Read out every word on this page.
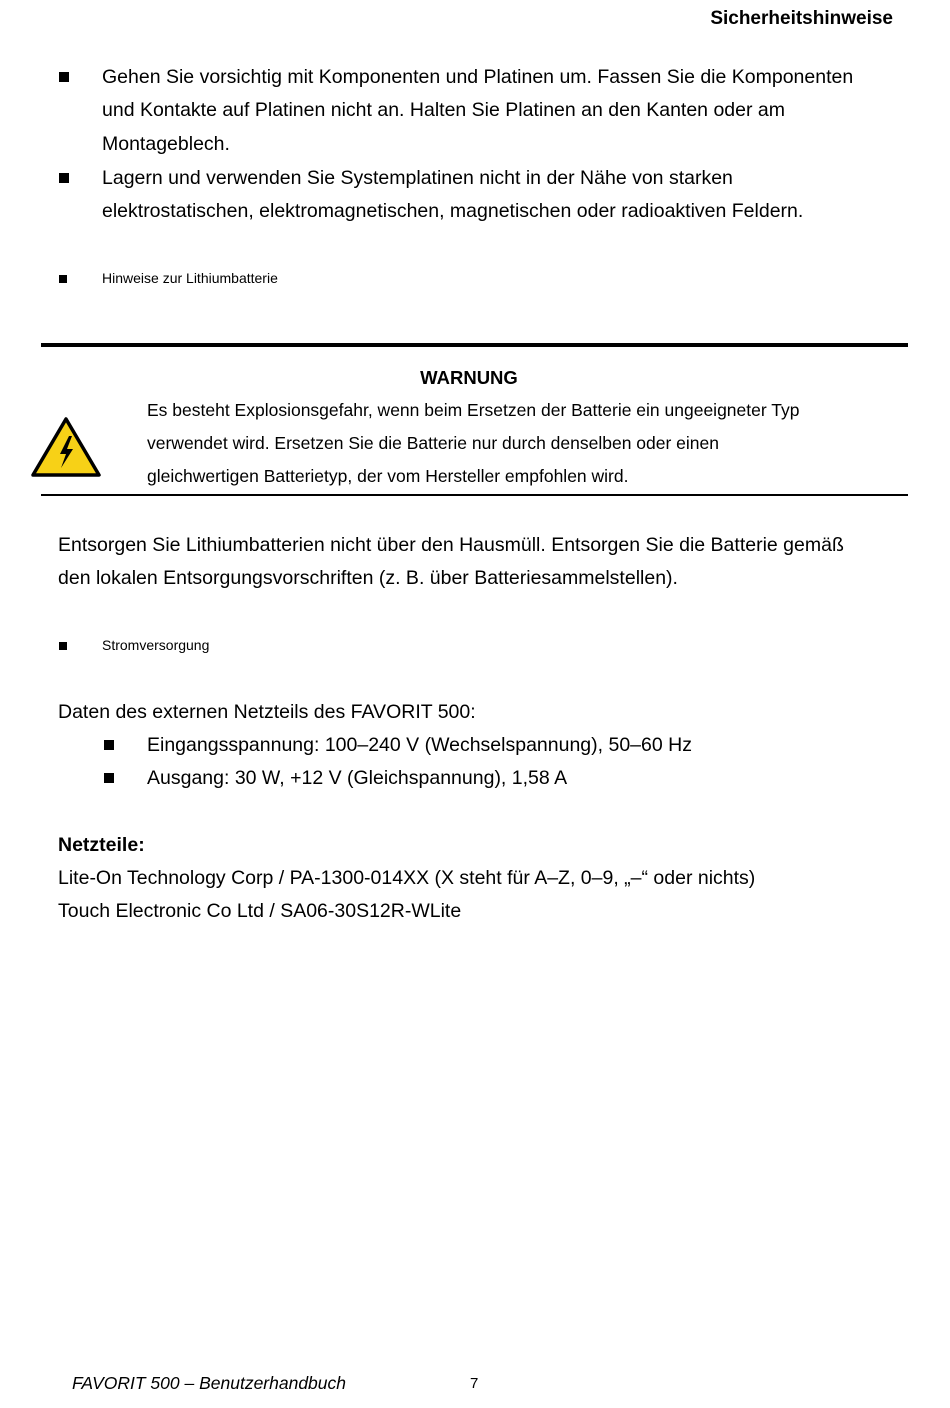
Sicherheitshinweise
Gehen Sie vorsichtig mit Komponenten und Platinen um. Fassen Sie die Komponenten
und Kontakte auf Platinen nicht an. Halten Sie Platinen an den Kanten oder am
Montageblech.
Lagern und verwenden Sie Systemplatinen nicht in der Nähe von starken
elektrostatischen, elektromagnetischen, magnetischen oder radioaktiven Feldern.
Hinweise zur Lithiumbatterie
WARNUNG
Es besteht Explosionsgefahr, wenn beim Ersetzen der Batterie ein ungeeigneter Typ
verwendet wird. Ersetzen Sie die Batterie nur durch denselben oder einen
gleichwertigen Batterietyp, der vom Hersteller empfohlen wird.
Entsorgen Sie Lithiumbatterien nicht über den Hausmüll. Entsorgen Sie die Batterie gemäß
den lokalen Entsorgungsvorschriften (z. B. über Batteriesammelstellen).
Stromversorgung
Daten des externen Netzteils des FAVORIT 500:
Eingangsspannung: 100–240 V (Wechselspannung), 50–60 Hz
Ausgang: 30 W, +12 V (Gleichspannung), 1,58 A
Netzteile:
Lite-On Technology Corp / PA-1300-014XX (X steht für A–Z, 0–9, „–“ oder nichts)
Touch Electronic Co Ltd / SA06-30S12R-WLite
FAVORIT 500 – Benutzerhandbuch	7
